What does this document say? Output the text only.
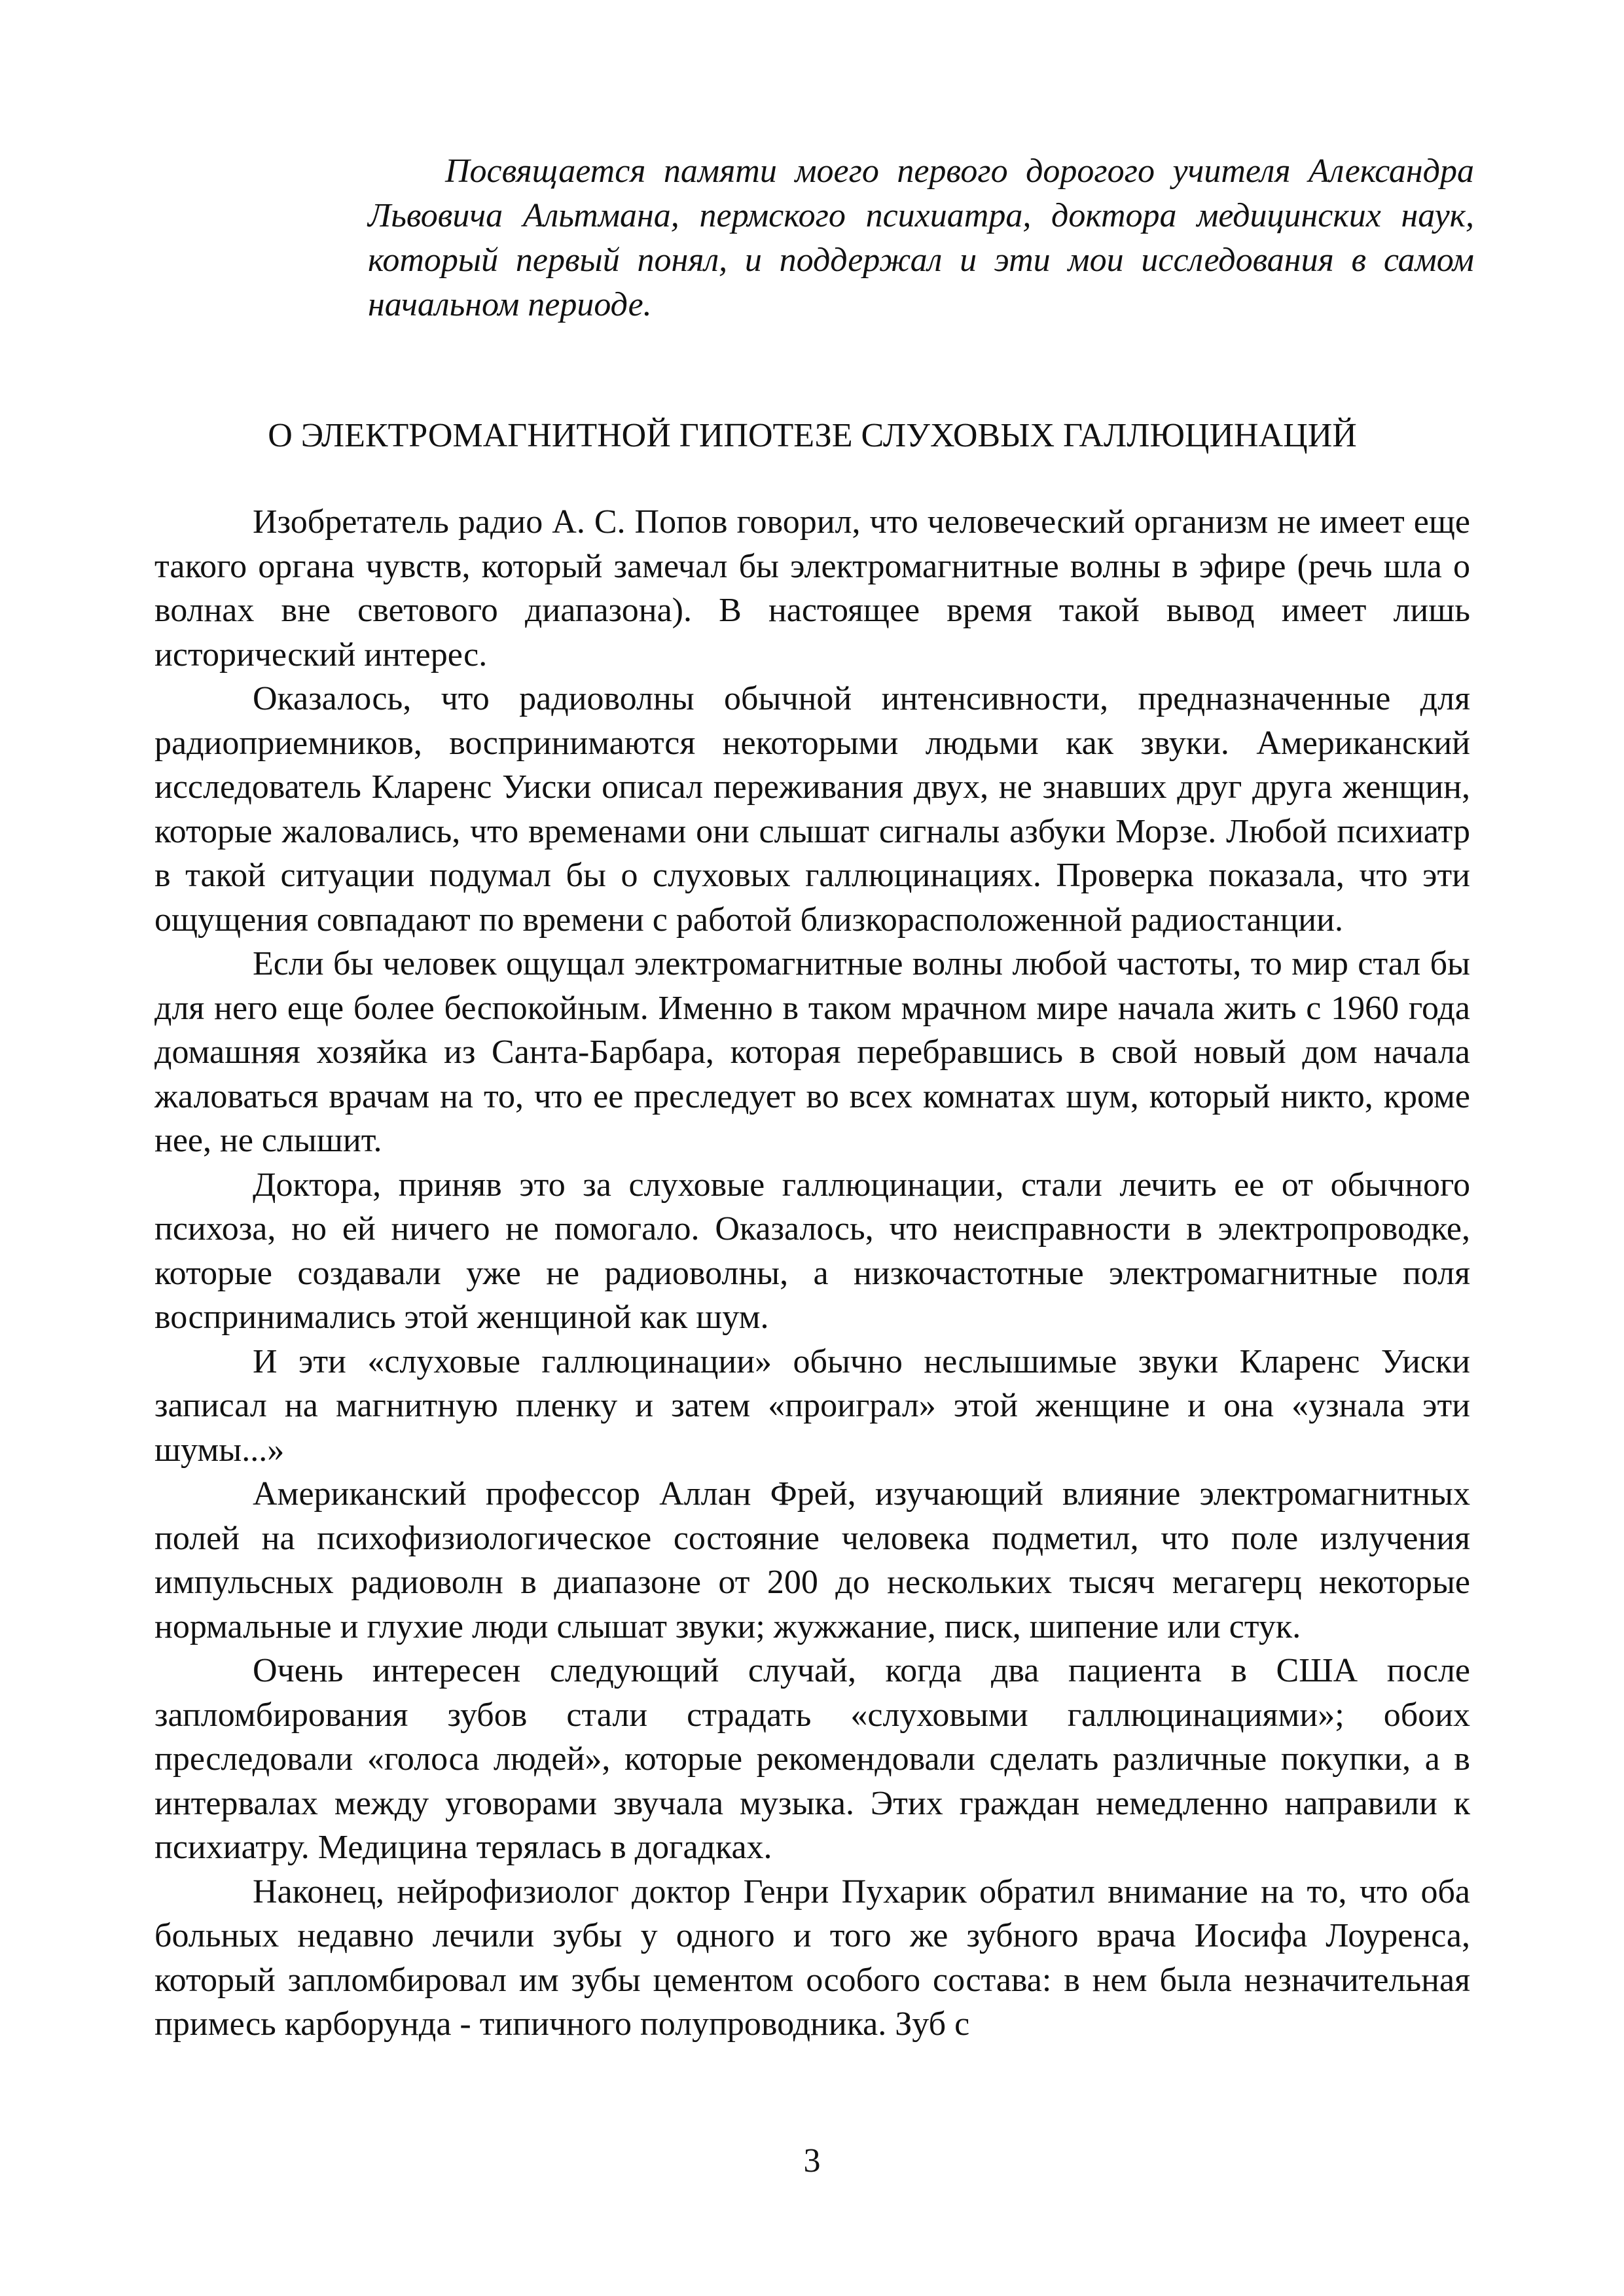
Посвящается памяти моего первого дорогого учителя Александра Львовича Альтмана, пермского психиатра, доктора медицинских наук, который первый понял, и поддержал и эти мои исследования в самом начальном периоде.

О ЭЛЕКТРОМАГНИТНОЙ ГИПОТЕЗЕ СЛУХОВЫХ ГАЛЛЮЦИНАЦИЙ

Изобретатель радио А. С. Попов говорил, что человеческий организм не имеет еще такого органа чувств, который замечал бы электромагнитные волны в эфире (речь шла о волнах вне светового диапазона). В настоящее время такой вывод имеет лишь исторический интерес.

Оказалось, что радиоволны обычной интенсивности, предназначенные для радиоприемников, воспринимаются некоторыми людьми как звуки. Американский исследователь Кларенс Уиски описал переживания двух, не знавших друг друга женщин, которые жаловались, что временами они слышат сигналы азбуки Морзе. Любой психиатр в такой ситуации подумал бы о слуховых галлюцинациях. Проверка показала, что эти ощущения совпадают по времени с работой близкорасположенной радиостанции.

Если бы человек ощущал электромагнитные волны любой частоты, то мир стал бы для него еще более беспокойным. Именно в таком мрачном мире начала жить с 1960 года домашняя хозяйка из Санта-Барбара, которая перебравшись в свой новый дом начала жаловаться врачам на то, что ее преследует во всех комнатах шум, который никто, кроме нее, не слышит.

Доктора, приняв это за слуховые галлюцинации, стали лечить ее от обычного психоза, но ей ничего не помогало. Оказалось, что неисправности в электропроводке, которые создавали уже не радиоволны, а низкочастотные электромагнитные поля воспринимались этой женщиной как шум.

И эти «слуховые галлюцинации» обычно неслышимые звуки Кларенс Уиски записал на магнитную пленку и затем «проиграл» этой женщине и она «узнала эти шумы...»

Американский профессор Аллан Фрей, изучающий влияние электромагнитных полей на психофизиологическое состояние человека подметил, что поле излучения импульсных радиоволн в диапазоне от 200 до нескольких тысяч мегагерц некоторые нормальные и глухие люди слышат звуки; жужжание, писк, шипение или стук.

Очень интересен следующий случай, когда два пациента в США после запломбирования зубов стали страдать «слуховыми галлюцинациями»; обоих преследовали «голоса людей», которые рекомендовали сделать различные покупки, а в интервалах между уговорами звучала музыка. Этих граждан немедленно направили к психиатру. Медицина терялась в догадках.

Наконец, нейрофизиолог доктор Генри Пухарик обратил внимание на то, что оба больных недавно лечили зубы у одного и того же зубного врача Иосифа Лоуренса, который запломбировал им зубы цементом особого состава: в нем была незначительная примесь карборунда - типичного полупроводника. Зуб с

3
